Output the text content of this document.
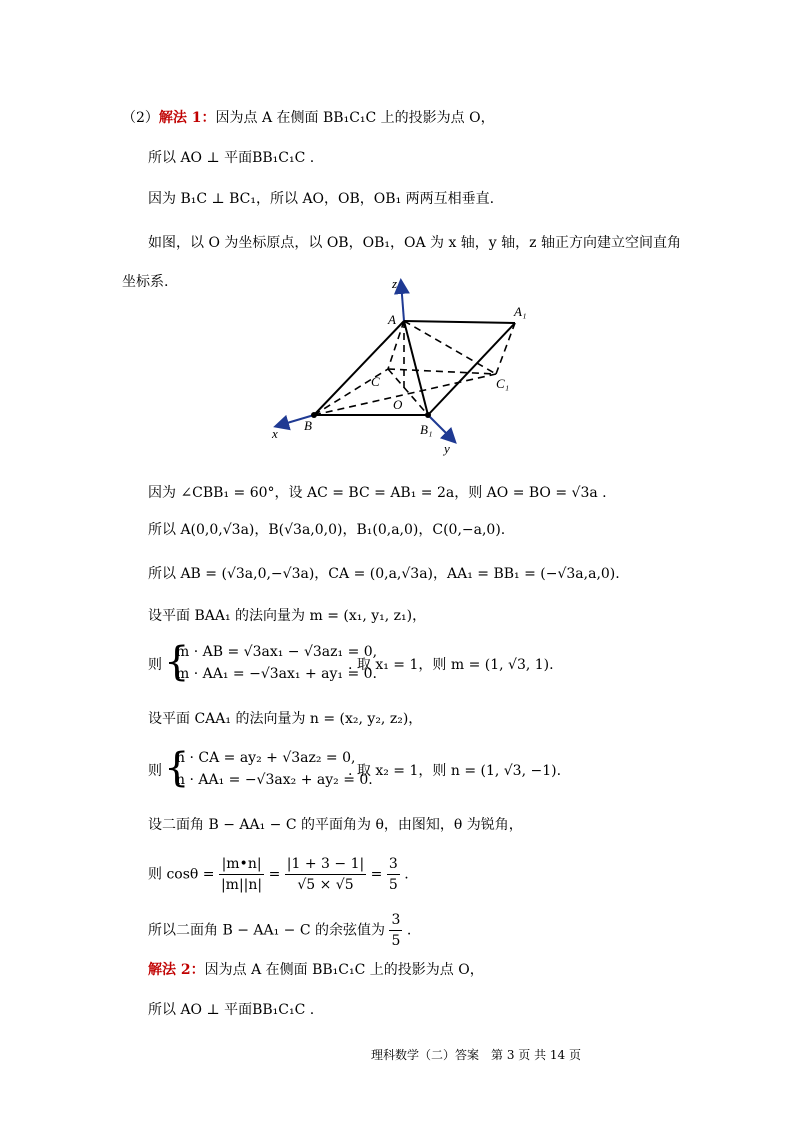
（2）解法 1：因为点 A 在侧面 BB₁C₁C 上的投影为点 O，
所以 AO ⊥ 平面BB₁C₁C .
因为 B₁C ⊥ BC₁，所以 AO，OB，OB₁ 两两互相垂直.
如图，以 O 为坐标原点，以 OB，OB₁，OA 为 x 轴，y 轴，z 轴正方向建立空间直角
坐标系.	z
A
A₁
C	C₁
O
B	B₁
x
y
因为 ∠CBB₁ = 60°，设 AC = BC = AB₁ = 2a，则 AO = BO = √3a .
所以 A(0,0,√3a)，B(√3a,0,0)，B₁(0,a,0)，C(0,−a,0).
所以 AB = (√3a,0,−√3a)，CA = (0,a,√3a)，AA₁ = BB₁ = (−√3a,a,0).
设平面 BAA₁ 的法向量为 m = (x₁, y₁, z₁)，
则 {
m · AB = √3ax₁ − √3az₁ = 0,
m · AA₁ = −√3ax₁ + ay₁ = 0.
. 取 x₁ = 1，则 m = (1, √3, 1).
设平面 CAA₁ 的法向量为 n = (x₂, y₂, z₂)，
则 {
n · CA = ay₂ + √3az₂ = 0,
n · AA₁ = −√3ax₂ + ay₂ = 0.
. 取 x₂ = 1，则 n = (1, √3, −1).
设二面角 B − AA₁ − C 的平面角为 θ，由图知，θ 为锐角，
则 $\cos\theta = \frac{|m•n|}{|m||n|} = \frac{|1 + 3 - 1|}{√5 \times √5} = \frac{3}{5}$ .
所以二面角 B − AA₁ − C 的余弦值为 $\frac{3}{5}$ .
解法 2：因为点 A 在侧面 BB₁C₁C 上的投影为点 O，
所以 AO ⊥ 平面BB₁C₁C .
理科数学（二）答案　第 3 页 共 14 页
